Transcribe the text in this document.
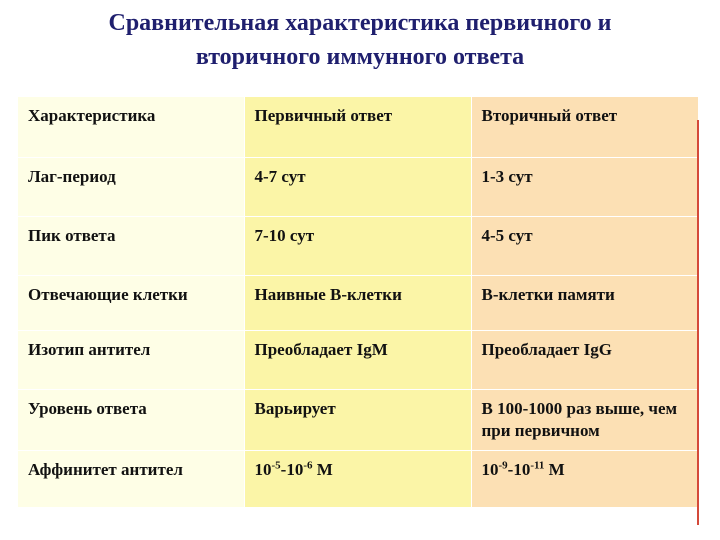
Сравнительная характеристика первичного и
вторичного иммунного ответа
Характеристика	Первичный ответ	Вторичный ответ
Лаг-период	4-7 сут	1-3 сут
Пик ответа	7-10 сут	4-5 сут
Отвечающие клетки	Наивные В-клетки	В-клетки памяти
Изотип антител	Преобладает IgM	Преобладает IgG
Уровень ответа	Варьирует	В 100-1000 раз выше, чем при первичном
Аффинитет антител	$10^{-5}-10^{-6}$ M	$10^{-9}-10^{-11}$ M
